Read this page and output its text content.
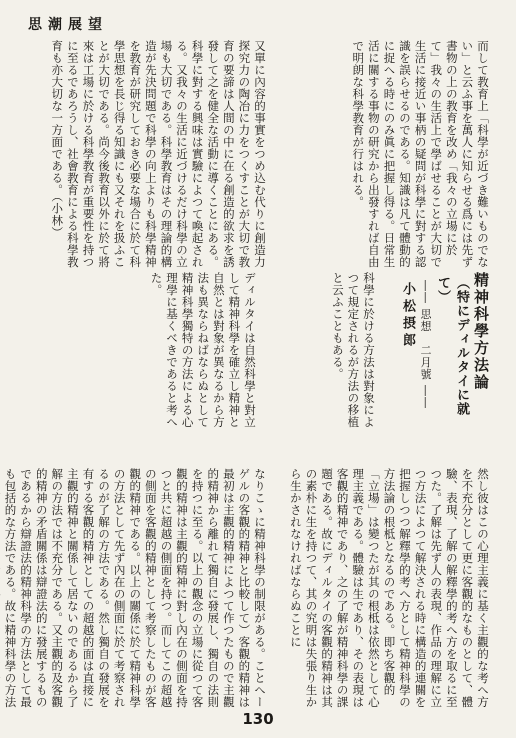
思潮展望
而して教育上「科學が近づき難いものでない」と云ふ事を萬人に知らせる爲には先ず書物の上の教育を改め「我々の立場に於て」我々の生活上で學ばせることが大切で生活に接近い事柄の疑問が科學に對する認識を誤らせるのである。知識は凡て體動的に捉へる時にのみ眞に把握し得る。日常生活に關する事物の研究から出發すれば自由で明朗な科學教育が行はれる。
又單に內容的事實をつめ込む代りに創造力探究力の陶冶に力をつくすことが大切で教育の要諦は人間の中に在る創造的欲求を誘發して之を健全な活動に導くことにある。科學に對する興味は實驗によつて喚起される。又我々の生活に近づけるだけ科學の立場も大切である。科學教育はその理論的構造が先決問題で科學の向上よりも科學精神を教育が研究しておき必要な場合に於て科學思想を長じ得る知識にも又それを扱ふことが大切である。尚今後教育以外に於て將來は工場に於ける科學教育が重要性を持つに至るであろうし、社會教育による科學教育も亦大切な一方面である。（小林）
精神科學方法論
（特にディルタイに就て）
―― 思想　二月號 ――
小松摂郎
科學に於ける方法は對象によつて規定されるが方法の移植と云ふこともある。
ディルタイは自然科學と對立して精神科學を確立し精神と自然とは對象が異なるから方法も異ならねばならぬとして精神科學獨特の方法による心理學に基くべきであると考へた。
然し彼はこの心理主義に基く主觀的な考へ方を不充分として更に客觀的なものとして、體驗、表現、了解の解釋學的考へ方を取るに至つた。了解は先ず人の表現、作品の理解に立つ方法によつて解決される時に構造的連關を把握しつつ解釋學的考へ方として精神科學の方法論の根柢となるのである。即ち客觀的「立場」は變つたが其の根柢は依然として心理主義である。體驗は生であり、その表現は客觀的精神であり、之の了解が精神科學の課題である。故にディルタイの客觀的精神は其の素朴に生を持つて、其の究明は失張り生から生かされなければならぬことに
なりこゝに精神科學の制限がある。ことへーゲルの客觀的精神と比較して）客觀的精神は最初は主觀的精神によつて作つたもので主觀的精神から離れて獨自に發展し、獨自の法則を持つに至る。以上の觀念の立場に從つて客觀的精神は主觀的精神に對し內在の側面を持つと共に超越の側面を持つ。而してこの超越の側面を客觀的精神として考察したものが客觀的精神である。以上の關係に於て精神科學の方法として先ず內在の側面に於て考察されるのが了解の方法である。然し獨自の發展を有する客觀的精神としての超越的面は直接に主觀的精神と關係して居ないのであるから了解の方法では不充分である。又主觀的及客觀的精神の矛盾關係は辯證法的に發展するものであるから辯證法的精神科學の方法として最も包括的な方法である。故に精神科學の方法
130
